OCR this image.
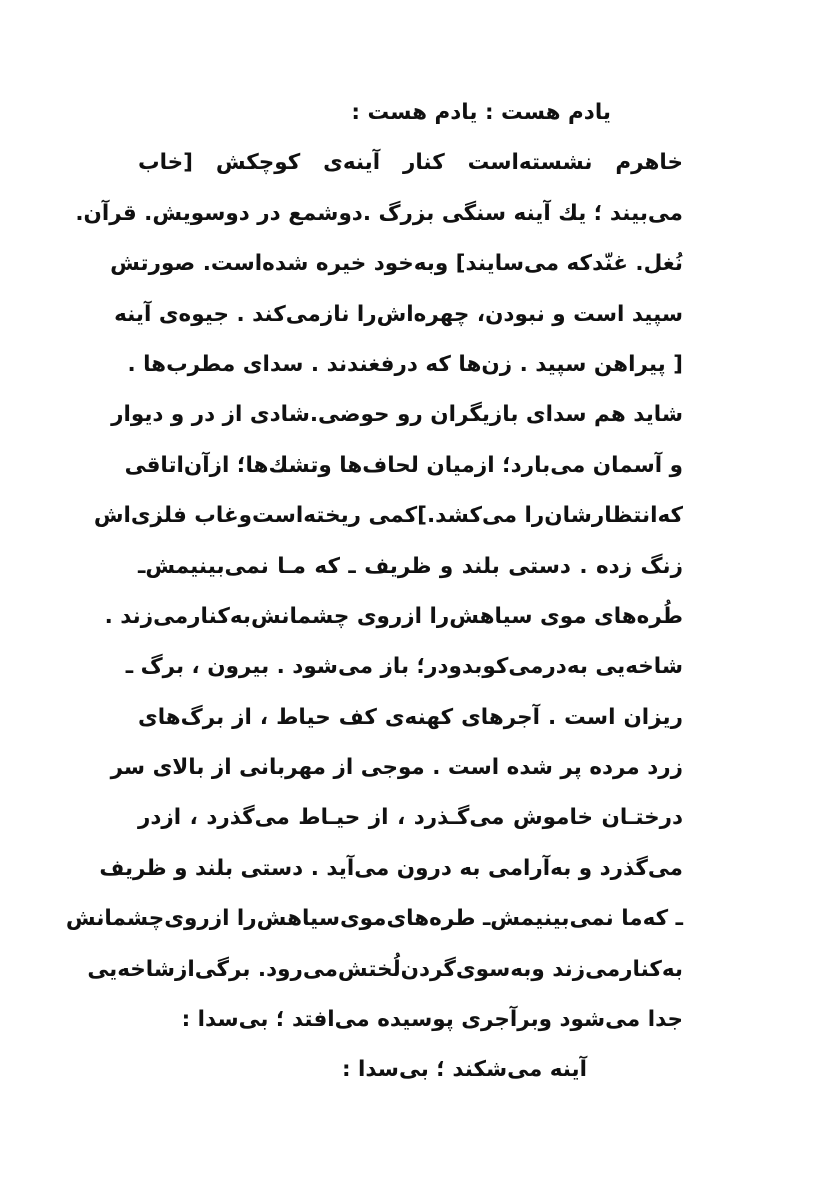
یادم هست : یادم هست :
خاهرم نشسته‌است کنار آینه‌ی کوچکش [خاب
می‌بیند ؛ یك آینه سنگی بزرگ .دوشمع در دوسویش. قرآن.
نُغل. غنّدکه می‌سایند] وبه‌خود خیره شده‌است. صورتش
سپید است و نبودن، چهره‌اش‌را نازمی‌کند . جیوه‌ی آینه
[ پیراهن سپید . زن‌ها که درفغندند . سدای مطرب‌ها .
شاید هم سدای بازیگران رو حوضی.شادی از در و دیوار
و آسمان می‌بارد؛ ازمیان لحاف‌ها وتشك‌ها؛ ازآن‌اتاقی
که‌انتظارشان‌را می‌کشد.]کمی ریخته‌است‌وغاب فلزی‌اش
زنگ زده . دستی بلند و ظریف ـ که مـا نمی‌بینیمش‌ـ
طُره‌های موی سیاهش‌را ازروی چشمانش‌به‌کنارمی‌زند .
شاخه‌یی به‌درمی‌کوبدودر؛ باز می‌شود . بیرون ، برگ ـ
ریزان است . آجرهای کهنه‌ی کف حیاط ، از برگ‌های
زرد مرده پر شده است . موجی از مهربانی از بالای سر
درختـان خاموش می‌گـذرد ، از حیـاط می‌گذرد ، ازدر
می‌گذرد و به‌آرامی به درون می‌آید . دستی بلند و ظریف
ـ که‌ما نمی‌بینیمش‌ـ طره‌های‌موی‌سیاهش‌را ازروی‌چشمانش
به‌کنارمی‌زند وبه‌سوی‌گردن‌لُختش‌می‌رود. برگی‌ازشاخه‌یی
جدا می‌شود وبرآجری پوسیده می‌افتد ؛ بی‌سدا :
آینه می‌شکند ؛ بی‌سدا :
